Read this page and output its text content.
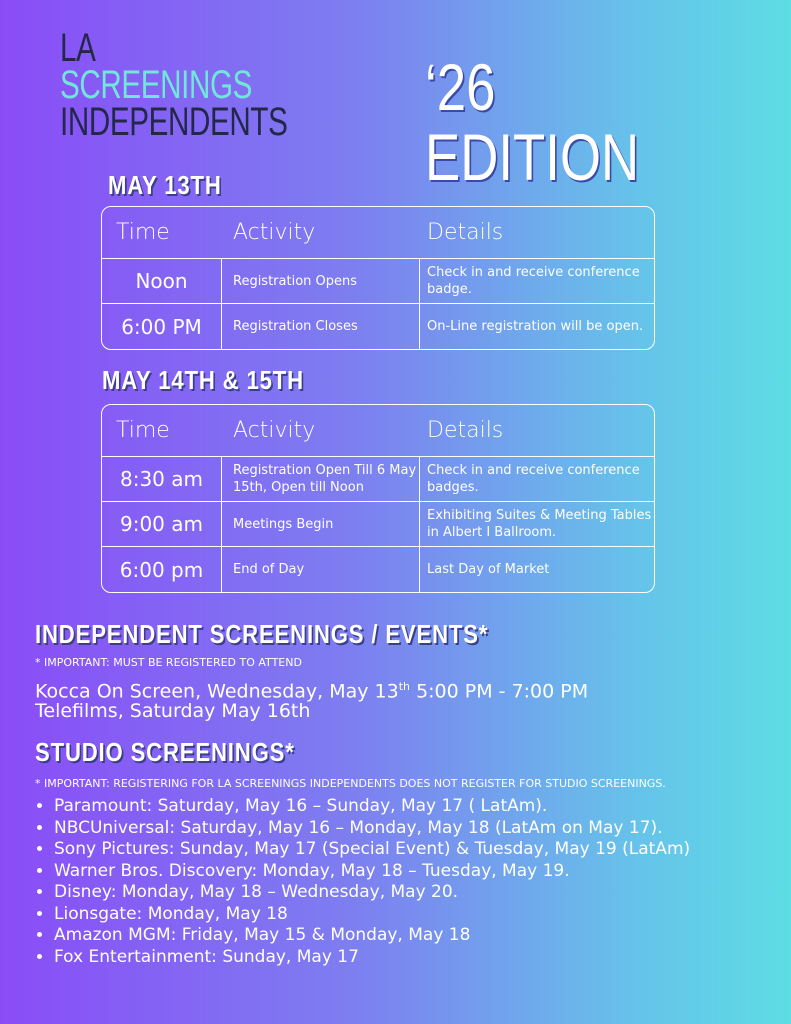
LA
SCREENINGS
INDEPENDENTS ‘26 EDITION
MAY 13TH
Time	Activity	Details
Noon	Registration Opens	Check in and receive conference badge.
6:00 PM	Registration Closes	On-Line registration will be open.
MAY 14TH & 15TH
Time	Activity	Details
8:30 am	Registration Open Till 6 May 15th, Open till Noon	Check in and receive conference badges.
9:00 am	Meetings Begin	Exhibiting Suites & Meeting Tables in Albert I Ballroom.
6:00 pm	End of Day	Last Day of Market
INDEPENDENT SCREENINGS / EVENTS*
* IMPORTANT: MUST BE REGISTERED TO ATTEND
Kocca On Screen, Wednesday, May 13th 5:00 PM - 7:00 PM
Telefilms, Saturday May 16th
STUDIO SCREENINGS*
* IMPORTANT: REGISTERING FOR LA SCREENINGS INDEPENDENTS DOES NOT REGISTER FOR STUDIO SCREENINGS.
• Paramount: Saturday, May 16 – Sunday, May 17 ( LatAm).
• NBCUniversal: Saturday, May 16 – Monday, May 18 (LatAm on May 17).
• Sony Pictures: Sunday, May 17 (Special Event) & Tuesday, May 19 (LatAm)
• Warner Bros. Discovery: Monday, May 18 – Tuesday, May 19.
• Disney: Monday, May 18 – Wednesday, May 20.
• Lionsgate: Monday, May 18
• Amazon MGM: Friday, May 15 & Monday, May 18
• Fox Entertainment: Sunday, May 17
